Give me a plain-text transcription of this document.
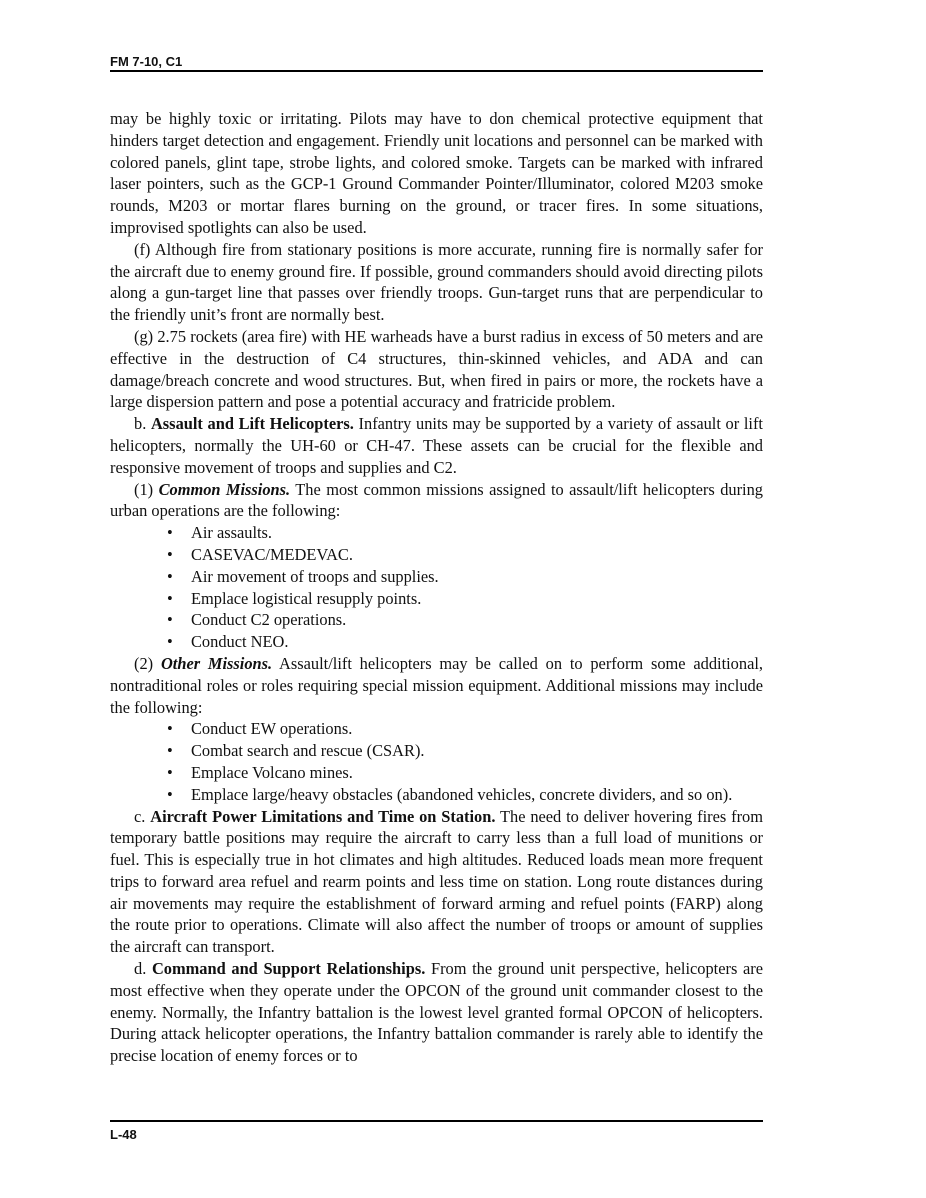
FM 7-10, C1

may be highly toxic or irritating. Pilots may have to don chemical protective equipment that hinders target detection and engagement. Friendly unit locations and personnel can be marked with colored panels, glint tape, strobe lights, and colored smoke. Targets can be marked with infrared laser pointers, such as the GCP-1 Ground Commander Pointer/Illuminator, colored M203 smoke rounds, M203 or mortar flares burning on the ground, or tracer fires. In some situations, improvised spotlights can also be used.

(f) Although fire from stationary positions is more accurate, running fire is normally safer for the aircraft due to enemy ground fire. If possible, ground commanders should avoid directing pilots along a gun-target line that passes over friendly troops. Gun-target runs that are perpendicular to the friendly unit’s front are normally best.

(g) 2.75 rockets (area fire) with HE warheads have a burst radius in excess of 50 meters and are effective in the destruction of C4 structures, thin-skinned vehicles, and ADA and can damage/breach concrete and wood structures. But, when fired in pairs or more, the rockets have a large dispersion pattern and pose a potential accuracy and fratricide problem.

b. Assault and Lift Helicopters. Infantry units may be supported by a variety of assault or lift helicopters, normally the UH-60 or CH-47. These assets can be crucial for the flexible and responsive movement of troops and supplies and C2.

(1) Common Missions. The most common missions assigned to assault/lift helicopters during urban operations are the following:

• Air assaults.
• CASEVAC/MEDEVAC.
• Air movement of troops and supplies.
• Emplace logistical resupply points.
• Conduct C2 operations.
• Conduct NEO.

(2) Other Missions. Assault/lift helicopters may be called on to perform some additional, nontraditional roles or roles requiring special mission equipment. Additional missions may include the following:

• Conduct EW operations.
• Combat search and rescue (CSAR).
• Emplace Volcano mines.
• Emplace large/heavy obstacles (abandoned vehicles, concrete dividers, and so on).

c. Aircraft Power Limitations and Time on Station. The need to deliver hovering fires from temporary battle positions may require the aircraft to carry less than a full load of munitions or fuel. This is especially true in hot climates and high altitudes. Reduced loads mean more frequent trips to forward area refuel and rearm points and less time on station. Long route distances during air movements may require the establishment of forward arming and refuel points (FARP) along the route prior to operations. Climate will also affect the number of troops or amount of supplies the aircraft can transport.

d. Command and Support Relationships. From the ground unit perspective, helicopters are most effective when they operate under the OPCON of the ground unit commander closest to the enemy. Normally, the Infantry battalion is the lowest level granted formal OPCON of helicopters. During attack helicopter operations, the Infantry battalion commander is rarely able to identify the precise location of enemy forces or to

L-48
